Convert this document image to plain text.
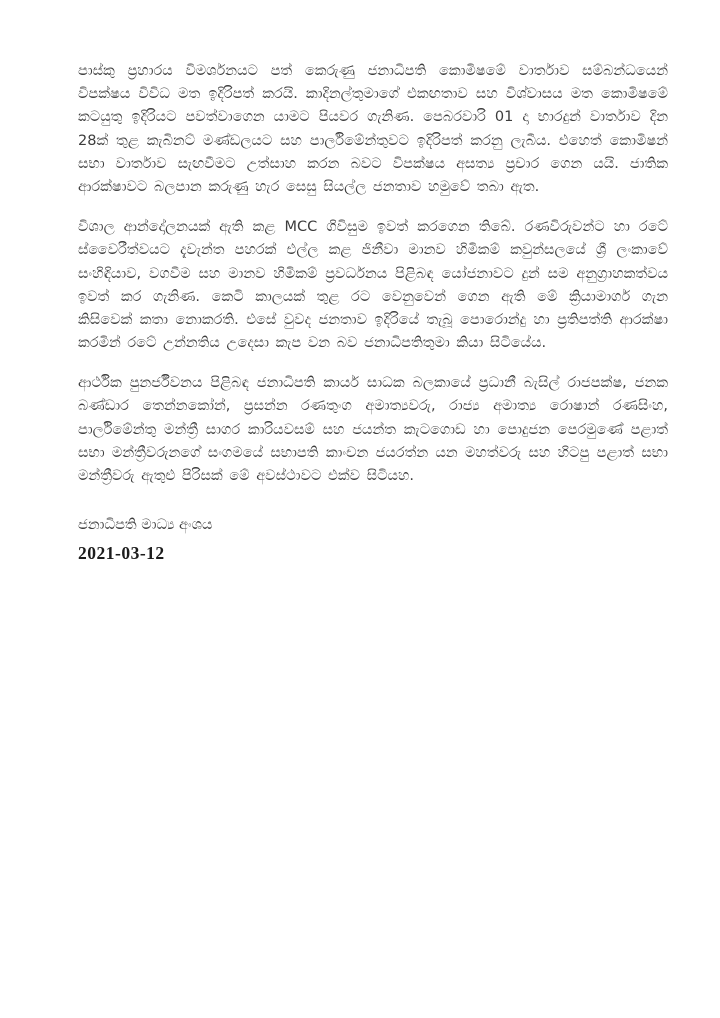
පාස්කු ප්‍රහාරය විමර්ශනයට පත් කෙරුණු ජනාධිපති කොමිෂමේ වාර්තාව සම්බන්ධයෙන් විපක්ෂය විවිධ මත ඉදිරිපත් කරයි. කාදිනල්තුමාගේ එකඟතාව සහ විශ්වාසය මත කොමිෂමේ කටයුතු ඉදිරියට පවත්වාගෙන යාමට පියවර ගැනිණ. පෙබරවාරි 01 දා භාරදුන් වාර්තාව දින 28ක් තුළ කැබිනට් මණ්ඩලයට සහ පාර්ලිමේන්තුවට ඉදිරිපත් කරනු ලැබීය. එහෙත් කොමිෂන් සභා වාර්තාව සැඟවීමට උත්සාහ කරන බවට විපක්ෂය අසත්‍ය ප්‍රචාර ගෙන යයි. ජාතික ආරක්ෂාවට බලපාන කරුණු හැර සෙසු සියල්ල ජනතාව හමුවේ තබා ඇත.

විශාල ආන්දෝලනයක් ඇති කළ MCC ගිවිසුම ඉවත් කරගෙන තිබේ. රණවිරුවන්ට හා රටේ ස්වෛරීත්වයට දැවැන්ත පහරක් එල්ල කළ ජිනීවා මානව හිමිකම් කවුන්සලයේ ශ්‍රී ලංකාවේ සංහිඳියාව, වගවීම සහ මානව හිමිකම් ප්‍රවර්ධනය පිළිබඳ යෝජනාවට දුන් සම අනුග්‍රාහකත්වය ඉවත් කර ගැනිණ. කෙටි කාලයක් තුළ රට වෙනුවෙන් ගෙන ඇති මේ ක්‍රියාමාර්ග ගැන කිසිවෙක් කතා නොකරති. එසේ වුවද ජනතාව ඉදිරියේ තැබූ පොරොන්දු හා ප්‍රතිපත්ති ආරක්ෂා කරමින් රටේ උන්නතිය උදෙසා කැප වන බව ජනාධිපතිතුමා කියා සිටියේය.

ආර්ථික පුනර්ජීවනය පිළිබඳ ජනාධිපති කාර්ය සාධක බලකායේ ප්‍රධානී බැසිල් රාජපක්ෂ, ජනක බණ්ඩාර තෙන්නකෝන්, ප්‍රසන්න රණතුංග අමාත්‍යවරු, රාජ්‍ය අමාත්‍ය රොෂාන් රණසිංහ, පාර්ලිමේන්තු මන්ත්‍රී සාගර කාරියවසම් සහ ජයන්ත කැටගොඩ හා පොදුජන පෙරමුණේ පළාත් සභා මන්ත්‍රීවරුනගේ සංගමයේ සභාපති කාංචන ජයරත්න යන මහත්වරු සහ හිටපු පළාත් සභා මන්ත්‍රීවරු ඇතුළු පිරිසක් මේ අවස්ථාවට එක්ව සිටියහ.

ජනාධිපති මාධ්‍ය අංශය

2021-03-12
